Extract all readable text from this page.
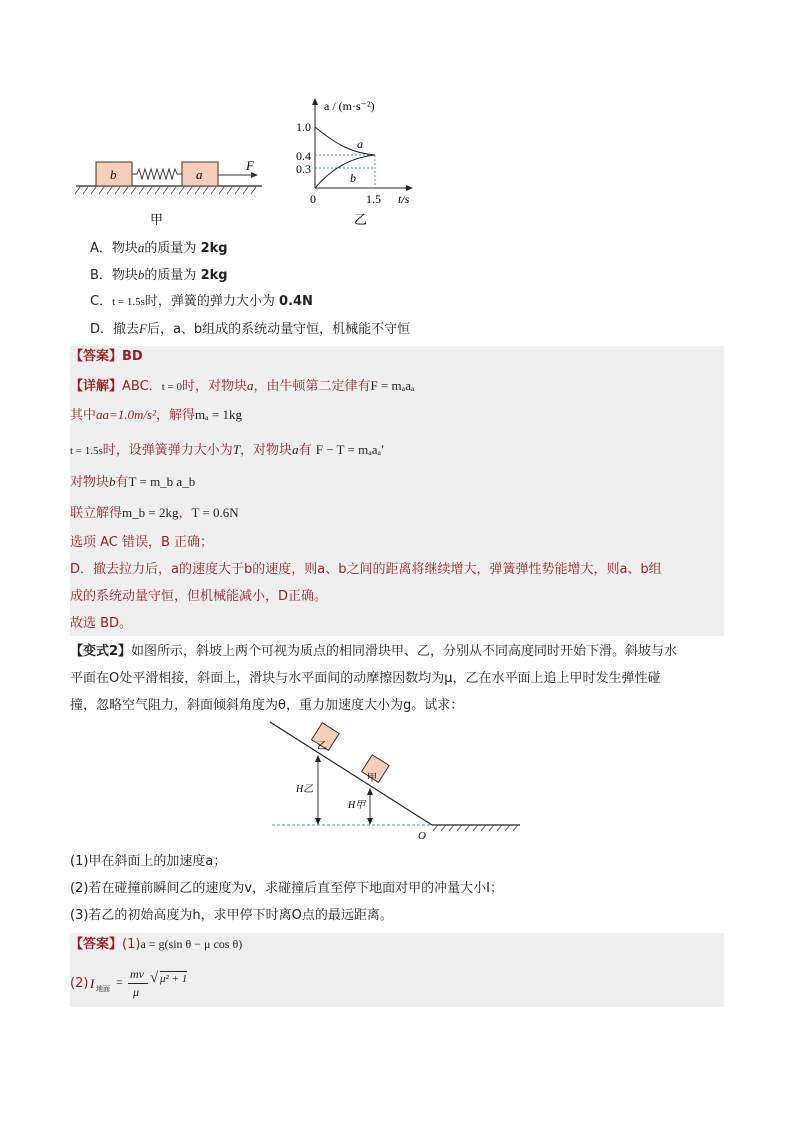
b	a
F
甲
a / (m·s⁻²)
t/s
1.0
0.4
0.3
0	1.5
a
b
乙
A．物块a的质量为 2kg
B．物块b的质量为 2kg
C．t = 1.5s时，弹簧的弹力大小为 0.4N
D．撤去F后，a、b组成的系统动量守恒，机械能不守恒
【答案】BD
【详解】ABC．t = 0时，对物块a，由牛顿第二定律有F = mₐaₐ
其中aa=1.0m/s²，解得mₐ = 1kg
t = 1.5s时，设弹簧弹力大小为T，对物块a有 F − T = mₐaₐ′
对物块b有T = m_b a_b
联立解得m_b = 2kg，T = 0.6N
选项 AC 错误，B 正确；
D．撤去拉力后，a的速度大于b的速度，则a、b之间的距离将继续增大，弹簧弹性势能增大，则a、b组
成的系统动量守恒，但机械能减小，D正确。
故选 BD。
【变式2】如图所示，斜坡上两个可视为质点的相同滑块甲、乙，分别从不同高度同时开始下滑。斜坡与水
平面在O处平滑相接，斜面上，滑块与水平面间的动摩擦因数均为μ，乙在水平面上追上甲时发生弹性碰
撞，忽略空气阻力，斜面倾斜角度为θ，重力加速度大小为g。试求：
乙
甲
H乙
H甲
O
(1)甲在斜面上的加速度a；
(2)若在碰撞前瞬间乙的速度为v，求碰撞后直至停下地面对甲的冲量大小I；
(3)若乙的初始高度为h，求甲停下时离O点的最远距离。
【答案】(1)a = g(sin θ − μ cos θ)
(2) I 地面 =
mv
μ
√ μ² + 1
